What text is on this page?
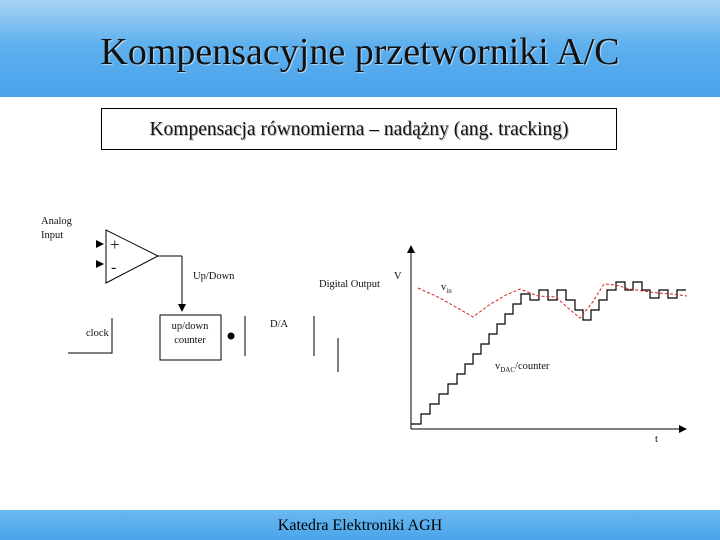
Kompensacyjne przetworniki A/C
Kompensacja równomierna – nadążny (ang. tracking)
Analog
Input	+
-
Up/Down
Digital Output
clock
up/down
counter
D/A
V
t
$v_{in}$
$v_{DAC}$/counter
Katedra Elektroniki AGH
